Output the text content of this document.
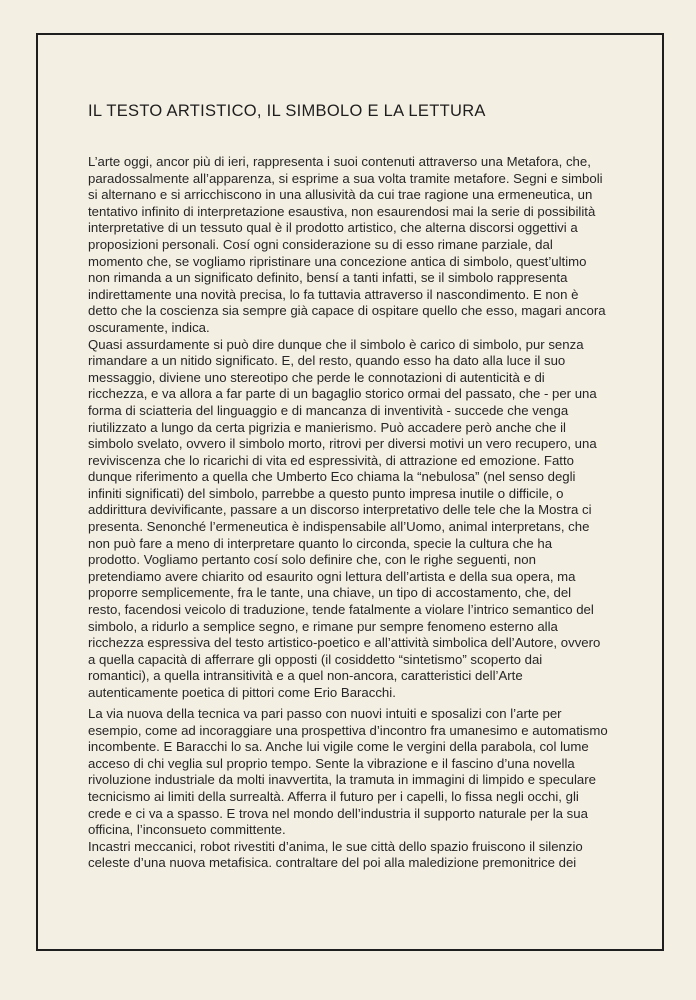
IL TESTO ARTISTICO, IL SIMBOLO E LA LETTURA
L’arte oggi, ancor più di ieri, rappresenta i suoi contenuti attraverso una Metafora, che,
paradossalmente all’apparenza, si esprime a sua volta tramite metafore. Segni e simboli
si alternano e si arricchiscono in una allusività da cui trae ragione una ermeneutica, un
tentativo infinito di interpretazione esaustiva, non esaurendosi mai la serie di possibilità
interpretative di un tessuto qual è il prodotto artistico, che alterna discorsi oggettivi a
proposizioni personali. Cosí ogni considerazione su di esso rimane parziale, dal
momento che, se vogliamo ripristinare una concezione antica di simbolo, quest’ultimo
non rimanda a un significato definito, bensí a tanti infatti, se il simbolo rappresenta
indirettamente una novità precisa, lo fa tuttavia attraverso il nascondimento. E non è
detto che la coscienza sia sempre già capace di ospitare quello che esso, magari ancora
oscuramente, indica.
Quasi assurdamente si può dire dunque che il simbolo è carico di simbolo, pur senza
rimandare a un nitido significato. E, del resto, quando esso ha dato alla luce il suo
messaggio, diviene uno stereotipo che perde le connotazioni di autenticità e di
ricchezza, e va allora a far parte di un bagaglio storico ormai del passato, che - per una
forma di sciatteria del linguaggio e di mancanza di inventività - succede che venga
riutilizzato a lungo da certa pigrizia e manierismo. Può accadere però anche che il
simbolo svelato, ovvero il simbolo morto, ritrovi per diversi motivi un vero recupero, una
reviviscenza che lo ricarichi di vita ed espressività, di attrazione ed emozione. Fatto
dunque riferimento a quella che Umberto Eco chiama la “nebulosa” (nel senso degli
infiniti significati) del simbolo, parrebbe a questo punto impresa inutile o difficile, o
addirittura devivificante, passare a un discorso interpretativo delle tele che la Mostra ci
presenta. Senonché l’ermeneutica è indispensabile all’Uomo, animal interpretans, che
non può fare a meno di interpretare quanto lo circonda, specie la cultura che ha
prodotto. Vogliamo pertanto cosí solo definire che, con le righe seguenti, non
pretendiamo avere chiarito od esaurito ogni lettura dell’artista e della sua opera, ma
proporre semplicemente, fra le tante, una chiave, un tipo di accostamento, che, del
resto, facendosi veicolo di traduzione, tende fatalmente a violare l’intrico semantico del
simbolo, a ridurlo a semplice segno, e rimane pur sempre fenomeno esterno alla
ricchezza espressiva del testo artistico-poetico e all’attività simbolica dell’Autore, ovvero
a quella capacità di afferrare gli opposti (il cosiddetto “sintetismo” scoperto dai
romantici), a quella intransitività e a quel non-ancora, caratteristici dell’Arte
autenticamente poetica di pittori come Erio Baracchi.
La via nuova della tecnica va pari passo con nuovi intuiti e sposalizi con l’arte per
esempio, come ad incoraggiare una prospettiva d’incontro fra umanesimo e automatismo
incombente. E Baracchi lo sa. Anche lui vigile come le vergini della parabola, col lume
acceso di chi veglia sul proprio tempo. Sente la vibrazione e il fascino d’una novella
rivoluzione industriale da molti inavvertita, la tramuta in immagini di limpido e speculare
tecnicismo ai limiti della surrealtà. Afferra il futuro per i capelli, lo fissa negli occhi, gli
crede e ci va a spasso. E trova nel mondo dell’industria il supporto naturale per la sua
officina, l’inconsueto committente.
Incastri meccanici, robot rivestiti d’anima, le sue città dello spazio fruiscono il silenzio
celeste d’una nuova metafisica. contraltare del poi alla maledizione premonitrice dei
